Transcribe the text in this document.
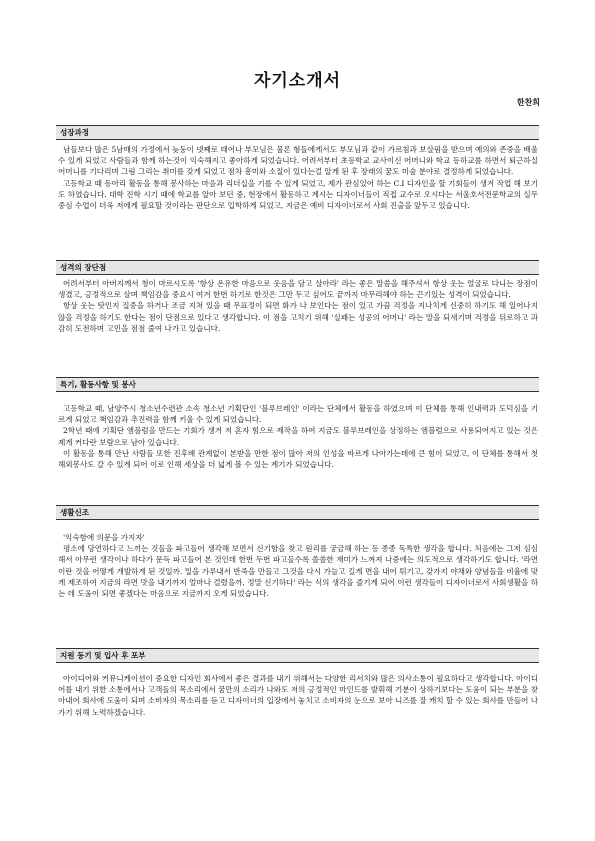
자기소개서
한찬희
성장과정

남들보다 많은 5남매의 가정에서 늦둥이 넷째로 태어나 부모님은 물론 형들에게서도 부모님과 같이 가르침과 보살핌을 받으며 예의와 존중을 배울수 있게 되었고 사람들과 함께 하는것이 익숙해지고 좋아하게 되었습니다. 어려서부터 초등학교 교사이신 어머니와 학교 등하교를 하면서 퇴근하실 어머니를 기다리며 그림 그리는 취미를 갖게 되었고 점차 흥미와 소질이 있다는걸 알게 된 후 장래의 꿈도 미술 분야로 결정하게 되었습니다.

고등학교 때 동아리 활동을 통해 봉사하는 마음과 리더십을 기를 수 있게 되었고, 제가 관심있어 하는 C.I 디자인을 할 기회들이 생겨 작업 해 보기도 하였습니다. 대학 진학 시기 때에 학교를 알아 보던 중, 현장에서 활동하고 계시는 디자이너들이 직접 교수로 오시다는 서울호서전문학교의 실무 중심 수업이 더욱 저에게 필요할 것이라는 판단으로 입학하게 되었고, 지금은 예비 디자이너로서 사회 진출을 앞두고 있습니다.

성격의 장단점

어려서부터 아버지께서 청이 마르시도록 '항상 온유한 마음으로 웃음을 담고 살아라' 라는 좋은 말씀을 해주셔서 항상 웃는 얼굴로 다니는 장점이 생겼고, 긍정적으로 살며 책임감을 중요시 여겨 한번 하기로 한것은 그만 두고 싶어도 끝까지 마무리해야 하는 끈기있는 성격이 되었습니다.

항상 웃는 탓인지 집중을 하거나 조금 지쳐 있을 때 무표정이 되면 화가 나 보인다는 점이 있고 가끔 걱정을 지나치게 신중히 하기도 해 일어나지 않을 걱정을 하기도 한다는 점이 단점으로 있다고 생각합니다. 이 점을 고치기 위해 '실패는 성공의 어머니' 라는 말을 되새기며 걱정을 뒤로하고 과감히 도전하며 고민을 점점 줄여 나가고 있습니다.

특기, 활동사항 및 봉사

고등학교 때, 남양주시 청소년수련관 소속 청소년 기획단인 '블루브레인' 이라는 단체에서 활동을 하였으며 이 단체를 통해 인내력과 도덕심을 기르게 되었고 책임감과 추진력을 함께 키울 수 있게 되었습니다.

2학년 때에 기획단 엠블럼을 만드는 기회가 생겨 저 혼자 힘으로 제작을 하여 지금도 블루브레인을 상징하는 엠블럼으로 사용되어지고 있는 것은 제게 커다란 보람으로 남아 있습니다.

이 활동을 통해 만난 사람들 또한 진후배 관계없이 본받을 만한 점이 많아 저의 인성을 바르게 나아가는데에 큰 힘이 되었고, 이 단체를 통해서 첫 해외봉사도 갈 수 있게 되어 이로 인해 세상을 더 넓게 볼 수 있는 계기가 되었습니다.

생활신조

'익숙함에 의문을 가지자'

평소에 당연하다고 느끼는 것들을 파고들어 생각해 보면서 신기함을 찾고 원리를 궁금해 하는 등 종종 독특한 생각을 합니다. 처음에는 그저 심심해서 아무런 생각이나 하다가 문득 파고들어 본 것인데 한번 두번 파고들수록 쏠쏠한 재미가 느껴져 나중에는 의도적으로 생각하기도 합니다. '라면이란 것을 어떻게 개발하게 된 것일까. 밀을 가루내서 반죽을 만들고 그것을 다시 가늘고 길게 면을 내어 튀기고, 갖가지 야채와 양념들을 비율에 맞게 제조하여 지금의 라면 맛을 내기까지 얼마나 걸렸을까, 정말 신기하다' 라는 식의 생각을 즐기게 되어 이런 생각들이 디자이너로서 사회생활을 하는 데 도움이 되면 좋겠다는 마음으로 지금까지 오게 되었습니다.

지원 동기 및 입사 후 포부

아이디어와 커뮤니케이션이 중요한 디자인 회사에서 좋은 결과를 내기 위해서는 다양한 리서치와 많은 의사소통이 필요하다고 생각합니다. 아이디어를 내기 위한 소통에서나 고객들의 목소리에서 꿈만의 소리가 나와도 저의 긍정적인 마인드를 발휘해 기분이 상하기보다는 도움이 되는 부분을 찾아내어 회사에 도움이 되며 소비자의 목소리를 듣고 디자이너의 입장에서 놓치고 소비자의 눈으로 보아 니즈를 잘 캐치 할 수 있는 회사를 만들어 나가기 위해 노력하겠습니다.
